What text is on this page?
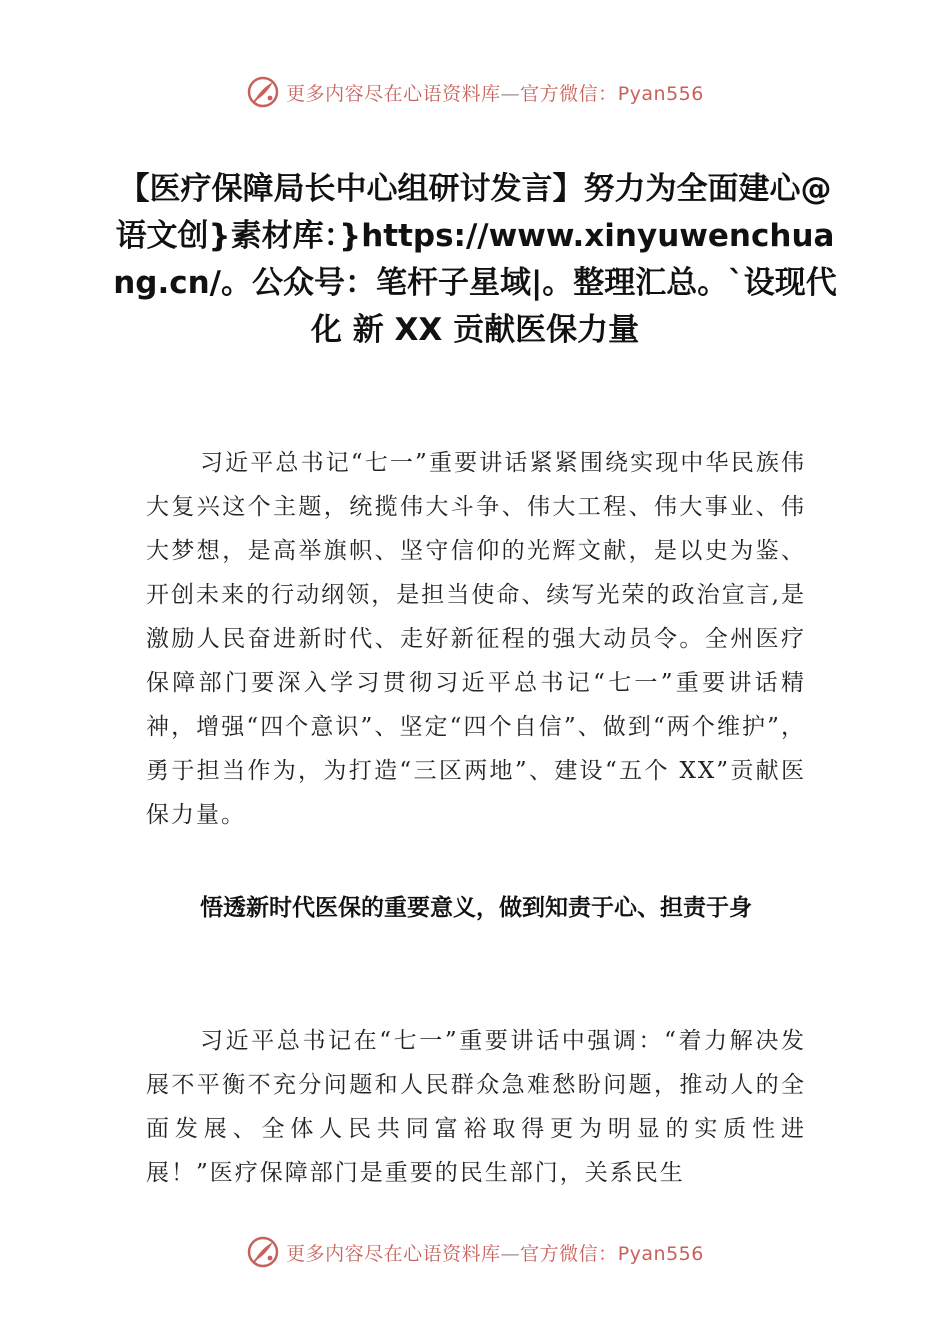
更多内容尽在心语资料库—官方微信：Pyan556
【医疗保障局长中心组研讨发言】努力为全面建心@语文创}素材库：}https://www.xinyuwenchuang.cn/。公众号：笔杆子星域|。整理汇总。`设现代化 新 XX 贡献医保力量

习近平总书记“七一”重要讲话紧紧围绕实现中华民族伟大复兴这个主题，统揽伟大斗争、伟大工程、伟大事业、伟大梦想，是高举旗帜、坚守信仰的光辉文献，是以史为鉴、开创未来的行动纲领，是担当使命、续写光荣的政治宣言,是激励人民奋进新时代、走好新征程的强大动员令。全州医疗保障部门要深入学习贯彻习近平总书记“七一”重要讲话精神，增强“四个意识”、坚定“四个自信”、做到“两个维护”，勇于担当作为，为打造“三区两地”、建设“五个 XX”贡献医保力量。

悟透新时代医保的重要意义，做到知责于心、担责于身

习近平总书记在“七一”重要讲话中强调：“着力解决发展不平衡不充分问题和人民群众急难愁盼问题，推动人的全面发展、全体人民共同富裕取得更为明显的实质性进展！”医疗保障部门是重要的民生部门，关系民生

更多内容尽在心语资料库—官方微信：Pyan556
